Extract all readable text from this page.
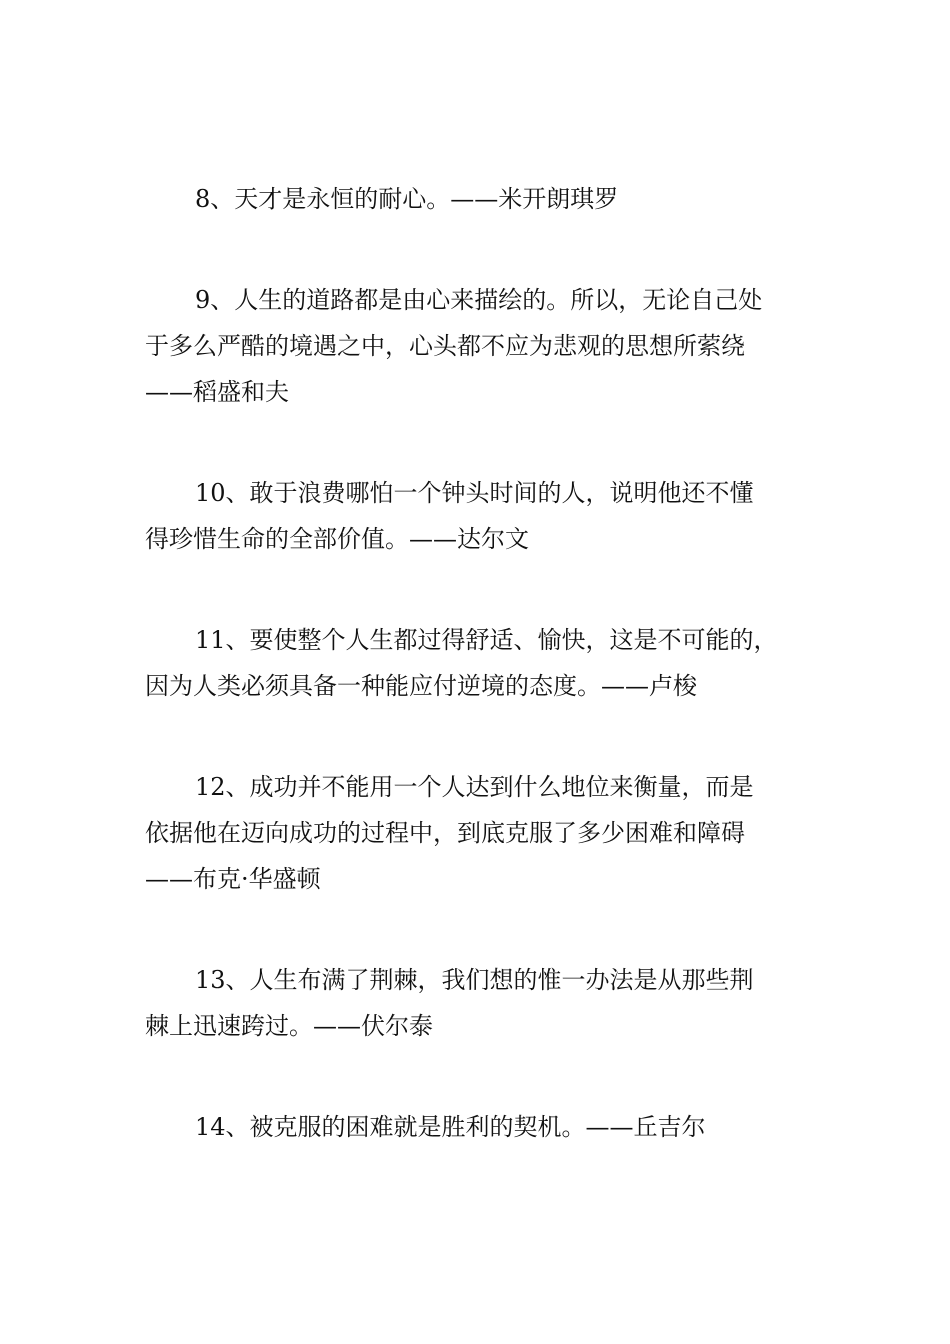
8、天才是永恒的耐心。——米开朗琪罗

9、人生的道路都是由心来描绘的。所以，无论自己处
于多么严酷的境遇之中，心头都不应为悲观的思想所萦绕
——稻盛和夫

10、敢于浪费哪怕一个钟头时间的人，说明他还不懂
得珍惜生命的全部价值。——达尔文

11、要使整个人生都过得舒适、愉快，这是不可能的，
因为人类必须具备一种能应付逆境的态度。——卢梭

12、成功并不能用一个人达到什么地位来衡量，而是
依据他在迈向成功的过程中，到底克服了多少困难和障碍
——布克·华盛顿

13、人生布满了荆棘，我们想的惟一办法是从那些荆
棘上迅速跨过。——伏尔泰

14、被克服的困难就是胜利的契机。——丘吉尔
